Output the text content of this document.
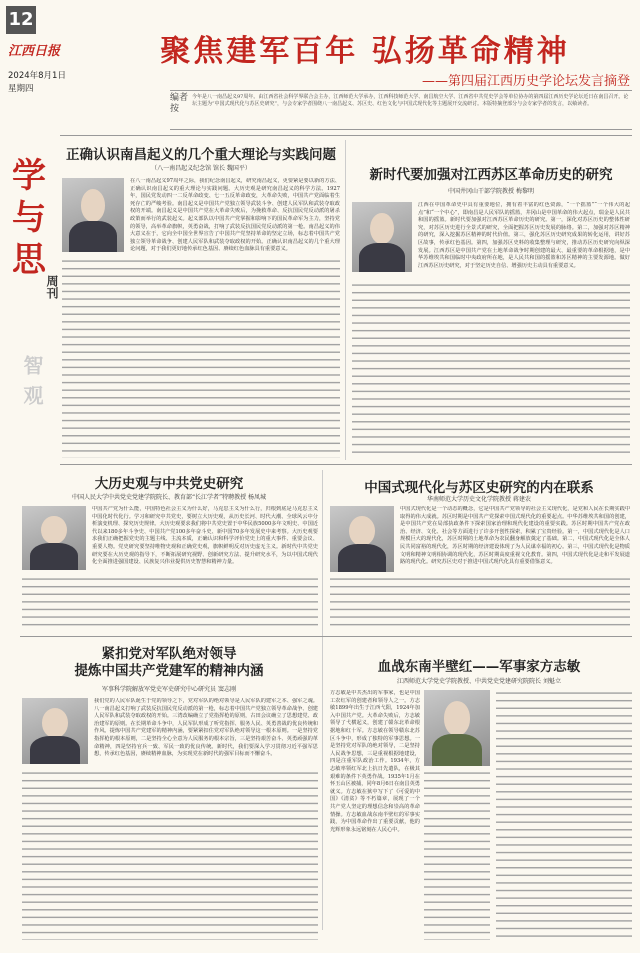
12
江西日报
2024年8月1日
星期四
聚焦建军百年 弘扬革命精神
——第四届江西历史学论坛发言摘登
编者按
今年是八一南昌起义97周年。由江西省社会科学界联合会主办，江西师范大学承办，江西科技师范大学、南昌航空大学、江西省中共党史学会等单位协办的第四届江西历史学论坛近日在南昌召开。论坛主题为“中国式现代化与苏区史研究”，与会专家学者围绕八一南昌起义、苏区史、红色文化与中国式现代化等主题展开交流研讨。本版特摘登部分与会专家学者的发言，以飨读者。
学与思
周刊
智观
正确认识南昌起义的几个重大理论与实践问题
（八一南昌起义纪念馆 馆长 魏国平）
在八一南昌起义97周年之际，我们纪念南昌起义，研究南昌起义，更要紧是要以新的方法、正确认识南昌起义的重大理论与实践问题。大历史观是研究南昌起义的科学方法。1927年，国民党发动四一二反革命政变、七一五反革命政变，大革命失败，中国共产党面临着生死存亡的严峻考验。南昌起义是中国共产党独立领导武装斗争、创建人民军队和武装夺取政权的开端。南昌起义是中国共产党在大革命失败后，为挽救革命、反抗国民党反动派的屠杀政策而举行的武装起义。起义部队以中国共产党掌握和影响下的国民革命军为主力，坚持党的领导，高举革命旗帜，英勇奋战，打响了武装反抗国民党反动派的第一枪。南昌起义的伟大意义在于，它向全中国全世界宣告了中国共产党坚持革命的坚定立场，标志着中国共产党独立领导革命战争、创建人民军队和武装夺取政权的开始。正确认识南昌起义的几个重大理论问题，对于我们更好地传承红色基因、赓续红色血脉具有重要意义。
新时代要加强对江西苏区革命历史的研究
中国井冈山干部学院教授 梅黎明
江西在中国革命史中具有重要地位，拥有着丰富的红色资源，“一个摇篮”“一个伟大的起点”和“一个中心”，即南昌是人民军队的摇篮，井冈山是中国革命的伟大起点，瑞金是人民共和国的摇篮。新时代要加强对江西苏区革命历史的研究。第一，深化对苏区历史的整体性研究，对苏区历史进行全景式的研究，全面把握苏区历史发展的脉络。第二，加强对苏区精神的研究，深入挖掘苏区精神的时代价值。第三，强化苏区历史研究成果的转化运用，讲好苏区故事，传承红色基因。第四，加强苏区史料的收集整理与研究，推动苏区历史研究向纵深发展。江西苏区是中国共产党在土地革命战争时期创建的最大、最重要的革命根据地，是中华苏维埃共和国临时中央政府所在地，是人民共和国的摇篮和苏区精神的主要发源地。做好江西苏区历史研究，对于坚定历史自信、增强历史主动具有重要意义。
大历史观与中共党史研究
中国人民大学中共党史党建学院院长、教育部“长江学者”特聘教授 杨凤城
中国共产党为什么能，中国特色社会主义为什么好，马克思主义为什么行，归根到底是马克思主义中国化时代化行。学习和研究中共党史，要树立大历史观，从历史长河、时代大潮、全球风云中分析演变机理、探究历史规律。大历史观要求我们将中共党史置于中华民族5000多年文明史、中国近代以来180多年斗争史、中国共产党100多年奋斗史、新中国70多年发展史中来考察。大历史观要求我们正确把握党史的主题主线、主流本质，正确认识和科学评价党史上的重大事件、重要会议、重要人物。党史研究要坚持唯物史观和正确党史观，旗帜鲜明反对历史虚无主义。新时代中共党史研究要在大历史观的指导下，不断拓展研究视野、创新研究方法、提升研究水平，为以中国式现代化全面推进强国建设、民族复兴伟业提供历史智慧和精神力量。
中国式现代化与苏区史研究的内在联系
华南师范大学历史文化学院教授 蒋建农
中国式现代化是一个动态的概念，它是中国共产党领导的社会主义现代化，是党和人民在长期实践中取得的伟大成就。苏区时期是中国共产党探索中国式现代化的重要起点。中华苏维埃共和国的创建，是中国共产党在局部执政条件下探索国家治理和现代化建设的重要实践。苏区时期中国共产党在政治、经济、文化、社会等方面进行了许多开创性探索，积累了宝贵经验。第一，中国式现代化是人口规模巨大的现代化，苏区时期的土地革命为农民翻身解放奠定了基础。第二，中国式现代化是全体人民共同富裕的现代化，苏区时期的经济建设体现了为人民谋幸福的初心。第三，中国式现代化是物质文明和精神文明相协调的现代化，苏区时期高度重视文化教育。第四，中国式现代化是走和平发展道路的现代化。研究苏区史对于推进中国式现代化具有重要借鉴意义。
紧扣党对军队绝对领导
提炼中国共产党建军的精神内涵
军事科学院解放军党史军史研究中心研究员 窦志刚
我们党的人民军队诞生于党的领导之下，党对军队的绝对领导是人民军队的建军之本、强军之魂。八一南昌起义打响了武装反抗国民党反动派的第一枪，标志着中国共产党独立领导革命战争、创建人民军队和武装夺取政权的开始。三湾改编确立了党指挥枪的原则，古田会议确立了思想建党、政治建军的原则。在长期革命斗争中，人民军队形成了听党指挥、服务人民、英勇善战的优良传统和作风。提炼中国共产党建军的精神内涵，要紧紧扣住党对军队绝对领导这一根本原则。一是坚持党指挥枪的根本原则，二是坚持全心全意为人民服务的根本宗旨，三是坚持艰苦奋斗、英勇顽强的革命精神，四是坚持官兵一致、军民一致的优良传统。新时代，我们要深入学习贯彻习近平强军思想，传承红色基因，赓续精神血脉，为实现党在新时代的强军目标而不懈奋斗。
血战东南半壁红——军事家方志敏
江西师范大学党史学院教授、中共党史党建研究院院长 刘魁立
方志敏是中共杰出的军事家，也是中国工农红军的创建者和领导人之一。方志敏1899年出生于江西弋阳，1924年加入中国共产党。大革命失败后，方志敏领导了弋横起义，创建了赣东北革命根据地和红十军。方志敏在领导赣东北苏区斗争中，形成了独特的军事思想。一是坚持党对军队的绝对领导，二是坚持人民战争思想，三是重视根据地建设，四是注重军队政治工作。1934年，方志敏率领红军北上抗日先遣队，在极其艰难的条件下英勇作战。1935年1月在怀玉山区被捕，同年8月6日在南昌英勇就义。方志敏在狱中写下了《可爱的中国》《清贫》等不朽篇章，展现了一个共产党人坚定的理想信念和崇高的革命情操。方志敏血战东南半壁红的军事实践，为中国革命作出了重要贡献，他的光辉形象永远铭刻在人民心中。
